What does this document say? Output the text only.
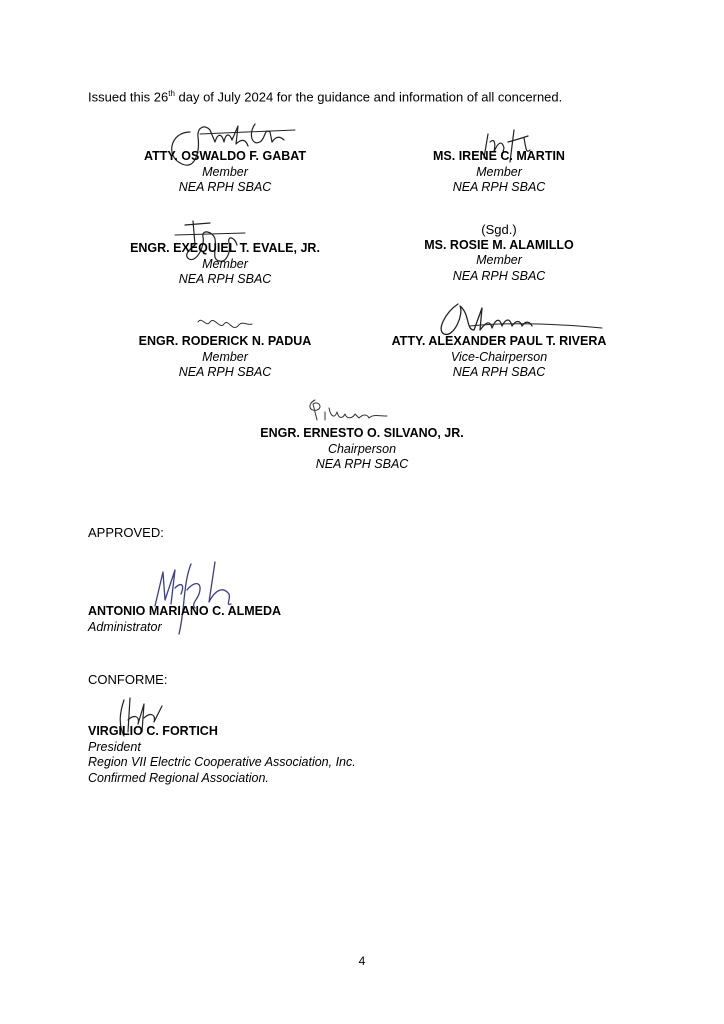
Issued this 26th day of July 2024 for the guidance and information of all concerned.
ATTY. OSWALDO F. GABAT
Member
NEA RPH SBAC
MS. IRENE C. MARTIN
Member
NEA RPH SBAC
ENGR. EXEQUIEL T. EVALE, JR.
Member
NEA RPH SBAC
(Sgd.)
MS. ROSIE M. ALAMILLO
Member
NEA RPH SBAC
ENGR. RODERICK N. PADUA
Member
NEA RPH SBAC
ATTY. ALEXANDER PAUL T. RIVERA
Vice-Chairperson
NEA RPH SBAC
ENGR. ERNESTO O. SILVANO, JR.
Chairperson
NEA RPH SBAC
APPROVED:
ANTONIO MARIANO C. ALMEDA
Administrator
CONFORME:
VIRGILIO C. FORTICH
President
Region VII Electric Cooperative Association, Inc.
Confirmed Regional Association.
4
